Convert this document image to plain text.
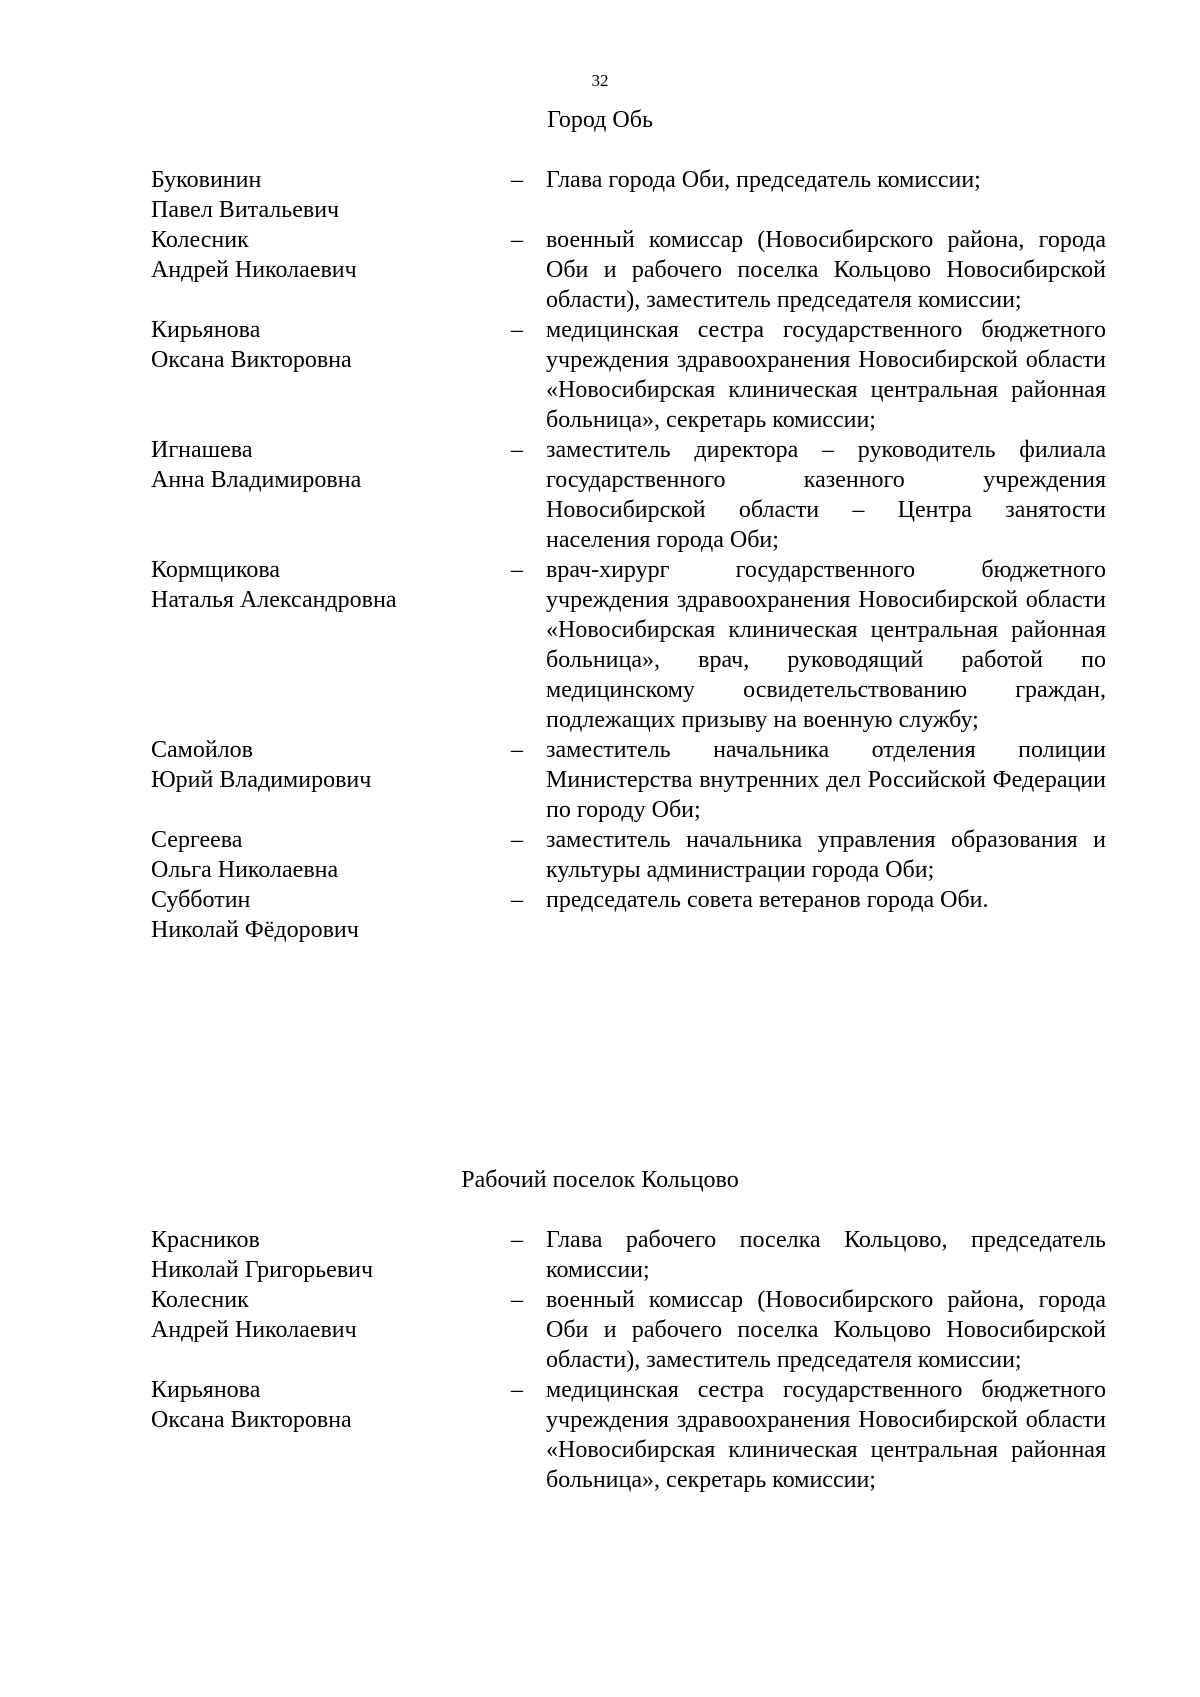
32
Город Обь
Буковинин
Павел Витальевич
– Глава города Оби, председатель комиссии;
Колесник
Андрей Николаевич
– военный комиссар (Новосибирского района, города Оби и рабочего поселка Кольцово Новосибирской области), заместитель председателя комиссии;
Кирьянова
Оксана Викторовна
– медицинская сестра государственного бюджетного учреждения здравоохранения Новосибирской области «Новосибирская клиническая центральная районная больница», секретарь комиссии;
Игнашева
Анна Владимировна
– заместитель директора – руководитель филиала государственного казенного учреждения Новосибирской области – Центра занятости населения города Оби;
Кормщикова
Наталья Александровна
– врач-хирург государственного бюджетного учреждения здравоохранения Новосибирской области «Новосибирская клиническая центральная районная больница», врач, руководящий работой по медицинскому освидетельствованию граждан, подлежащих призыву на военную службу;
Самойлов
Юрий Владимирович
– заместитель начальника отделения полиции Министерства внутренних дел Российской Федерации по городу Оби;
Сергеева
Ольга Николаевна
– заместитель начальника управления образования и культуры администрации города Оби;
Субботин
Николай Фёдорович
– председатель совета ветеранов города Оби.
Рабочий поселок Кольцово
Красников
Николай Григорьевич
– Глава рабочего поселка Кольцово, председатель комиссии;
Колесник
Андрей Николаевич
– военный комиссар (Новосибирского района, города Оби и рабочего поселка Кольцово Новосибирской области), заместитель председателя комиссии;
Кирьянова
Оксана Викторовна
– медицинская сестра государственного бюджетного учреждения здравоохранения Новосибирской области «Новосибирская клиническая центральная районная больница», секретарь комиссии;
